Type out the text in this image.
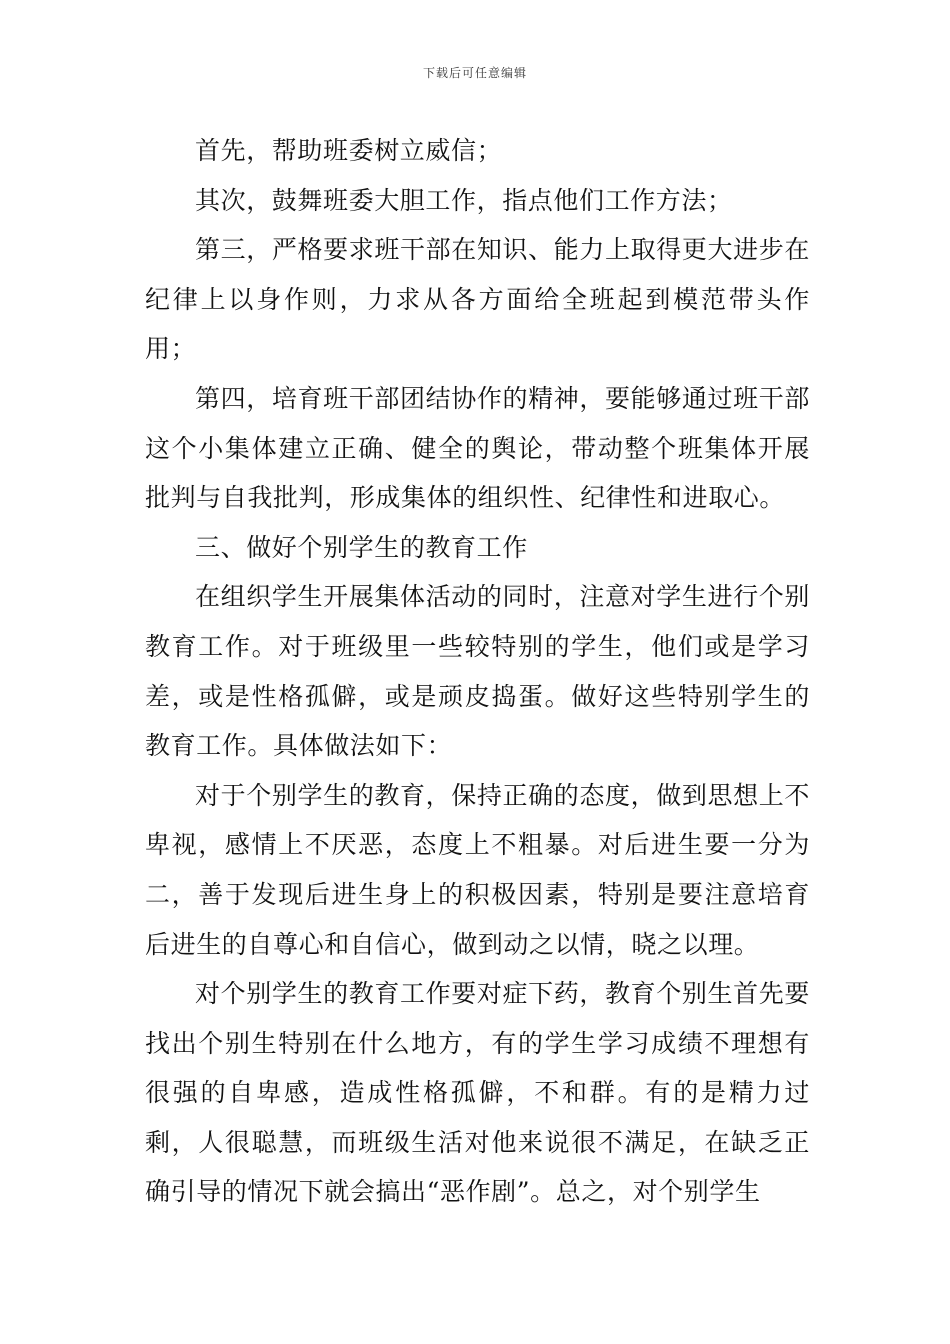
下载后可任意编辑

首先，帮助班委树立威信；

其次，鼓舞班委大胆工作，指点他们工作方法；

第三，严格要求班干部在知识、能力上取得更大进步在纪律上以身作则，力求从各方面给全班起到模范带头作用；

第四，培育班干部团结协作的精神，要能够通过班干部这个小集体建立正确、健全的舆论，带动整个班集体开展批判与自我批判，形成集体的组织性、纪律性和进取心。

三、做好个别学生的教育工作

在组织学生开展集体活动的同时，注意对学生进行个别教育工作。对于班级里一些较特别的学生，他们或是学习差，或是性格孤僻，或是顽皮捣蛋。做好这些特别学生的教育工作。具体做法如下：

对于个别学生的教育，保持正确的态度，做到思想上不卑视，感情上不厌恶，态度上不粗暴。对后进生要一分为二，善于发现后进生身上的积极因素，特别是要注意培育后进生的自尊心和自信心，做到动之以情，晓之以理。

对个别学生的教育工作要对症下药，教育个别生首先要找出个别生特别在什么地方，有的学生学习成绩不理想有很强的自卑感，造成性格孤僻，不和群。有的是精力过剩，人很聪慧，而班级生活对他来说很不满足，在缺乏正确引导的情况下就会搞出“恶作剧”。总之，对个别学生
